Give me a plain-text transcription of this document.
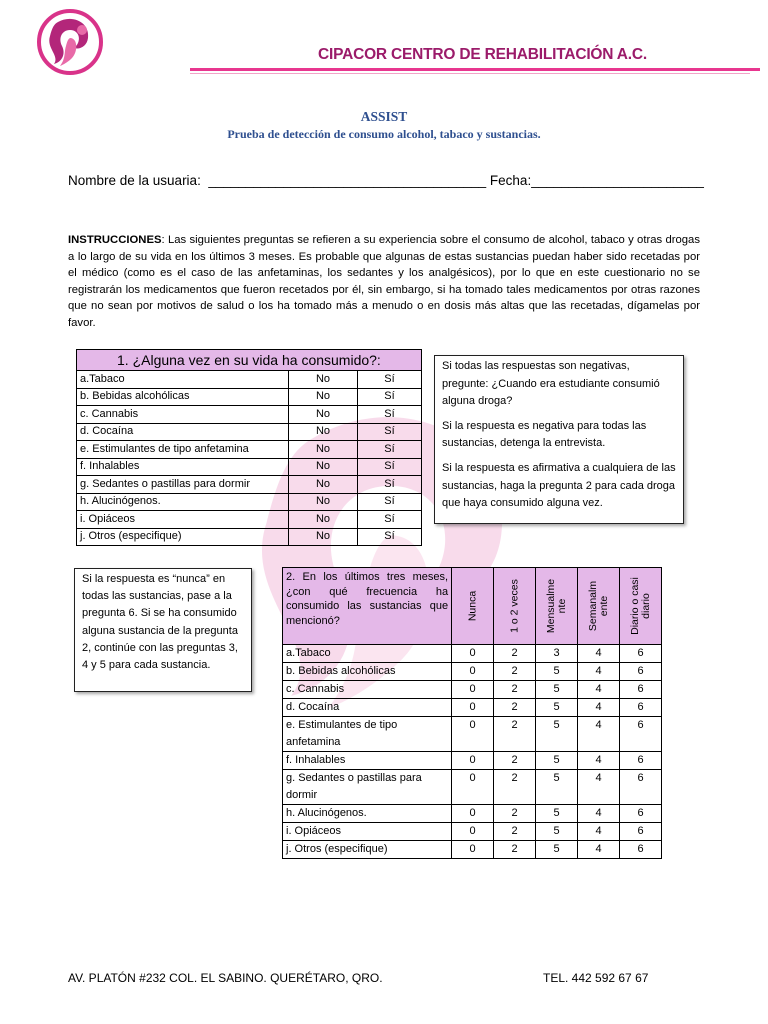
CIPACOR CENTRO DE REHABILITACIÓN A.C.
ASSIST
Prueba de detección de consumo alcohol, tabaco y sustancias.
Nombre de la usuaria: _____________________________________ Fecha:_______________________
INSTRUCCIONES: Las siguientes preguntas se refieren a su experiencia sobre el consumo de alcohol, tabaco y otras drogas a lo largo de su vida en los últimos 3 meses. Es probable que algunas de estas sustancias puedan haber sido recetadas por el médico (como es el caso de las anfetaminas, los sedantes y los analgésicos), por lo que en este cuestionario no se registrarán los medicamentos que fueron recetados por él, sin embargo, si ha tomado tales medicamentos por otras razones que no sean por motivos de salud o los ha tomado más a menudo o en dosis más altas que las recetadas, dígamelas por favor.
1. ¿Alguna vez en su vida ha consumido?:		
a.Tabaco	No	Sí
b. Bebidas alcohólicas	No	Sí
c. Cannabis	No	Sí
d. Cocaína	No	Sí
e. Estimulantes de tipo anfetamina	No	Sí
f. Inhalables	No	Sí
g. Sedantes o pastillas para dormir	No	Sí
h. Alucinógenos.	No	Sí
i. Opiáceos	No	Sí
j. Otros (especifique)	No	Sí

Si todas las respuestas son negativas, pregunte: ¿Cuando era estudiante consumió alguna droga?

Si la respuesta es negativa para todas las sustancias, detenga la entrevista.

Si la respuesta es afirmativa a cualquiera de las sustancias, haga la pregunta 2 para cada droga que haya consumido alguna vez.

Si la respuesta es “nunca” en todas las sustancias, pase a la pregunta 6. Si se ha consumido alguna sustancia de la pregunta 2, continúe con las preguntas 3, 4 y 5 para cada sustancia.
2. En los últimos tres meses, ¿con qué frecuencia ha consumido las sustancias que mencionó?	Nunca	1 o 2 veces	Mensualme nte	Semanalm ente	Diario o casi diario

a.Tabaco	0	2	3	4	6
b. Bebidas alcohólicas	0	2	5	4	6
c. Cannabis	0	2	5	4	6
d. Cocaína	0	2	5	4	6
e. Estimulantes de tipo anfetamina	0	2	5	4	6
f. Inhalables	0	2	5	4	6
g. Sedantes o pastillas para dormir	0	2	5	4	6
h. Alucinógenos.	0	2	5	4	6
i. Opiáceos	0	2	5	4	6
j. Otros (especifique)	0	2	5	4	6
AV. PLATÓN #232 COL. EL SABINO. QUERÉTARO, QRO.	TEL. 442 592 67 67
